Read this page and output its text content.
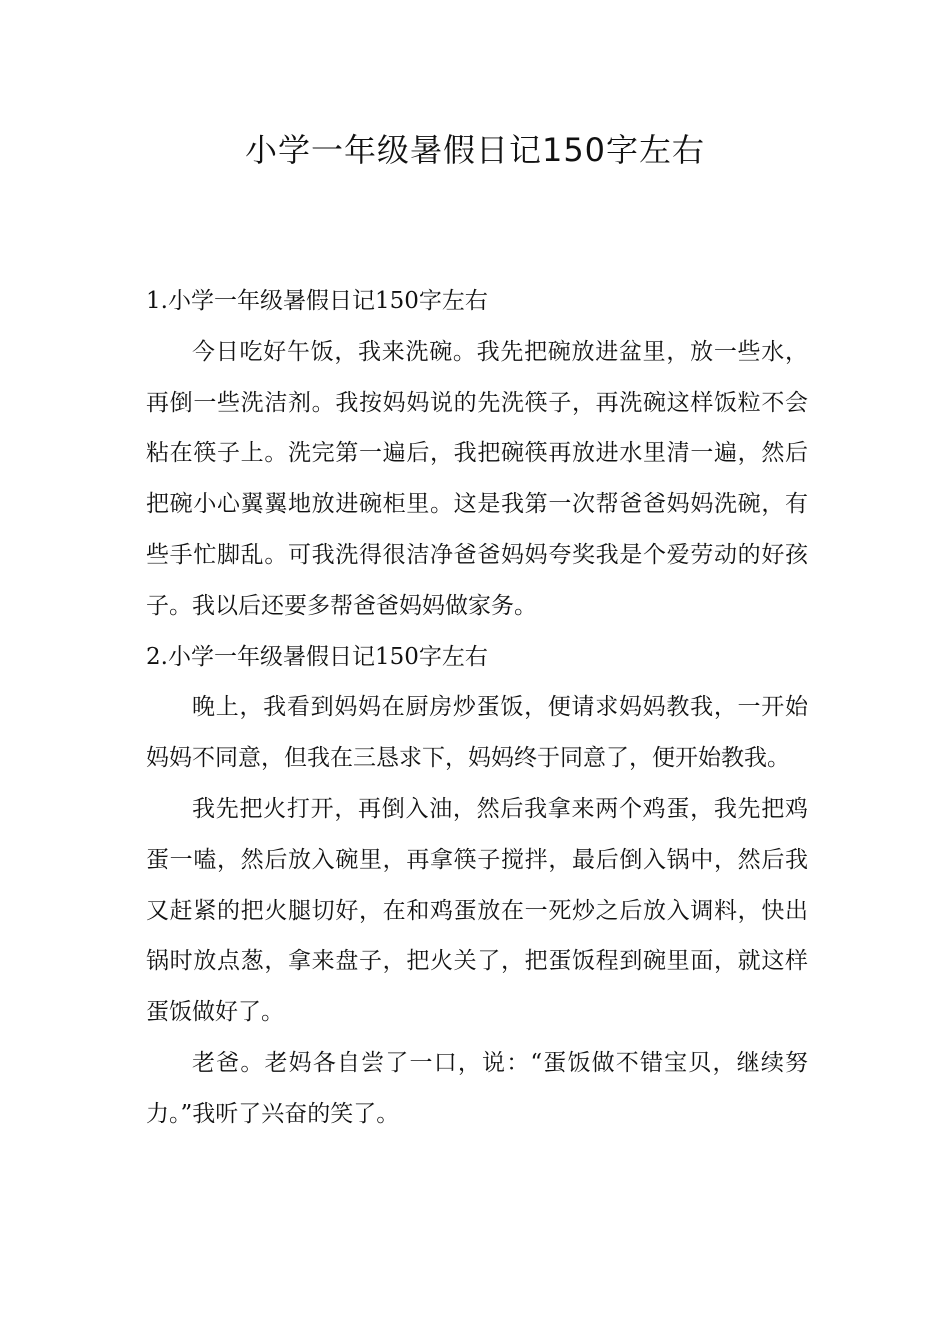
小学一年级暑假日记150字左右
1.小学一年级暑假日记150字左右

今日吃好午饭，我来洗碗。我先把碗放进盆里，放一些水，再倒一些洗洁剂。我按妈妈说的先洗筷子，再洗碗这样饭粒不会粘在筷子上。洗完第一遍后，我把碗筷再放进水里清一遍，然后把碗小心翼翼地放进碗柜里。这是我第一次帮爸爸妈妈洗碗，有些手忙脚乱。可我洗得很洁净爸爸妈妈夸奖我是个爱劳动的好孩子。我以后还要多帮爸爸妈妈做家务。

2.小学一年级暑假日记150字左右

晚上，我看到妈妈在厨房炒蛋饭，便请求妈妈教我，一开始妈妈不同意，但我在三恳求下，妈妈终于同意了，便开始教我。

我先把火打开，再倒入油，然后我拿来两个鸡蛋，我先把鸡蛋一嗑，然后放入碗里，再拿筷子搅拌，最后倒入锅中，然后我又赶紧的把火腿切好，在和鸡蛋放在一死炒之后放入调料，快出锅时放点葱，拿来盘子，把火关了，把蛋饭程到碗里面，就这样蛋饭做好了。

老爸。老妈各自尝了一口，说：“蛋饭做不错宝贝，继续努力。”我听了兴奋的笑了。
